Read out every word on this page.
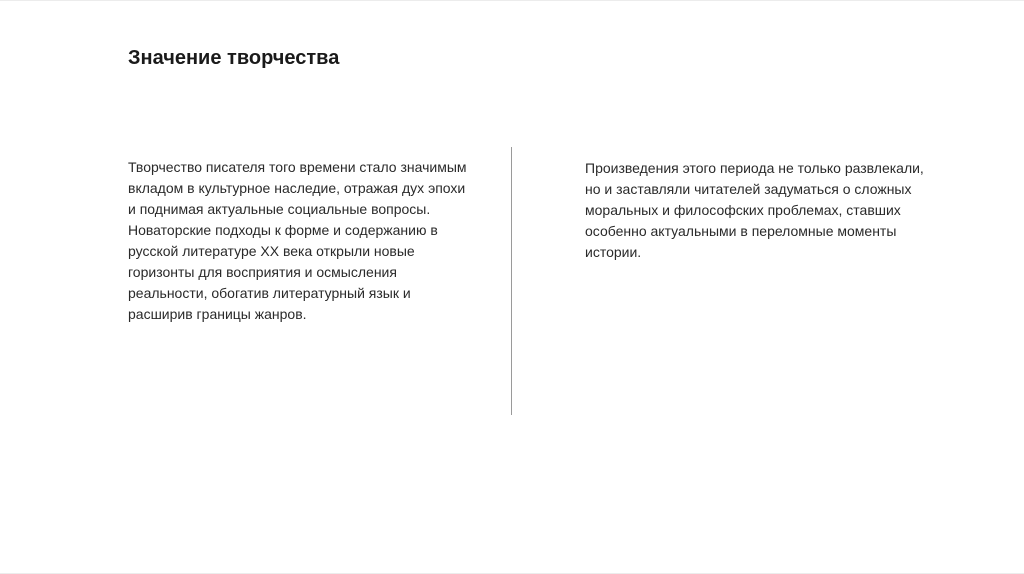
Значение творчества

Творчество писателя того времени стало значимым вкладом в культурное наследие, отражая дух эпохи и поднимая актуальные социальные вопросы. Новаторские подходы к форме и содержанию в русской литературе XX века открыли новые горизонты для восприятия и осмысления реальности, обогатив литературный язык и расширив границы жанров.

Произведения этого периода не только развлекали, но и заставляли читателей задуматься о сложных моральных и философских проблемах, ставших особенно актуальными в переломные моменты истории.
